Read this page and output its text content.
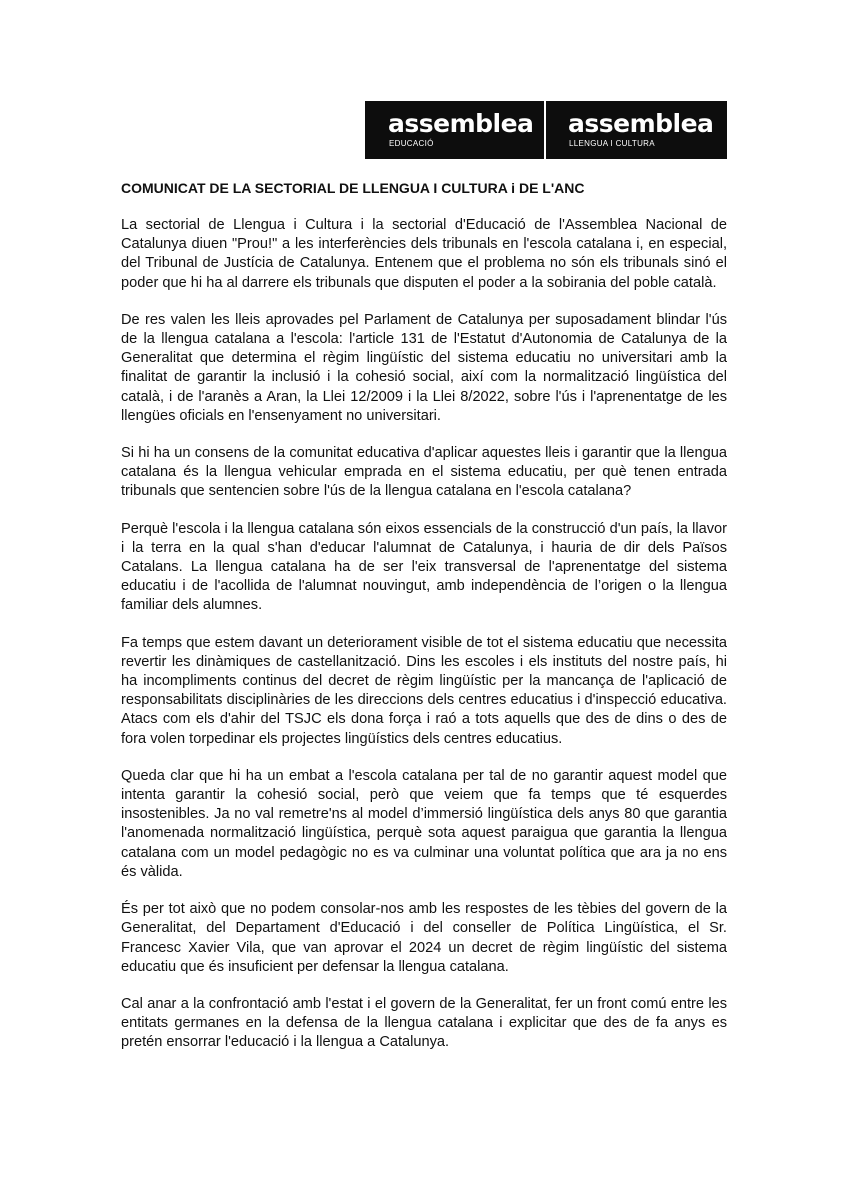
assemblea
EDUCACIÓ
assemblea
LLENGUA I CULTURA
COMUNICAT DE LA SECTORIAL DE LLENGUA I CULTURA i DE L'ANC

La sectorial de Llengua i Cultura i la sectorial d'Educació de l'Assemblea Nacional de Catalunya diuen "Prou!" a les interferències dels tribunals en l'escola catalana i, en especial, del Tribunal de Justícia de Catalunya. Entenem que el problema no són els tribunals sinó el poder que hi ha al darrere els tribunals que disputen el poder a la sobirania del poble català.

De res valen les lleis aprovades pel Parlament de Catalunya per suposadament blindar l'ús de la llengua catalana a l'escola: l'article 131 de l'Estatut d'Autonomia de Catalunya de la Generalitat que determina el règim lingüístic del sistema educatiu no universitari amb la finalitat de garantir la inclusió i la cohesió social, així com la normalització lingüística del català, i de l'aranès a Aran, la Llei 12/2009 i la Llei 8/2022, sobre l'ús i l'aprenentatge de les llengües oficials en l'ensenyament no universitari.

Si hi ha un consens de la comunitat educativa d'aplicar aquestes lleis i garantir que la llengua catalana és la llengua vehicular emprada en el sistema educatiu, per què tenen entrada tribunals que sentencien sobre l'ús de la llengua catalana en l'escola catalana?

Perquè l'escola i la llengua catalana són eixos essencials de la construcció d'un país, la llavor i la terra en la qual s'han d'educar l'alumnat de Catalunya, i hauria de dir dels Països Catalans. La llengua catalana ha de ser l'eix transversal de l'aprenentatge del sistema educatiu i de l'acollida de l'alumnat nouvingut, amb independència de l’origen o la llengua familiar dels alumnes.

Fa temps que estem davant un deteriorament visible de tot el sistema educatiu que necessita revertir les dinàmiques de castellanització. Dins les escoles i els instituts del nostre país, hi ha incompliments continus del decret de règim lingüístic per la mancança de l'aplicació de responsabilitats disciplinàries de les direccions dels centres educatius i d'inspecció educativa. Atacs com els d'ahir del TSJC els dona força i raó a tots aquells que des de dins o des de fora volen torpedinar els projectes lingüístics dels centres educatius.

Queda clar que hi ha un embat a l'escola catalana per tal de no garantir aquest model que intenta garantir la cohesió social, però que veiem que fa temps que té esquerdes insostenibles. Ja no val remetre'ns al model d’immersió lingüística dels anys 80 que garantia l'anomenada normalització lingüística, perquè sota aquest paraigua que garantia la llengua catalana com un model pedagògic no es va culminar una voluntat política que ara ja no ens és vàlida.

És per tot això que no podem consolar-nos amb les respostes de les tèbies del govern de la Generalitat, del Departament d'Educació i del conseller de Política Lingüística, el Sr. Francesc Xavier Vila, que van aprovar el 2024 un decret de règim lingüístic del sistema educatiu que és insuficient per defensar la llengua catalana.

Cal anar a la confrontació amb l'estat i el govern de la Generalitat, fer un front comú entre les entitats germanes en la defensa de la llengua catalana i explicitar que des de fa anys es pretén ensorrar l'educació i la llengua a Catalunya.
